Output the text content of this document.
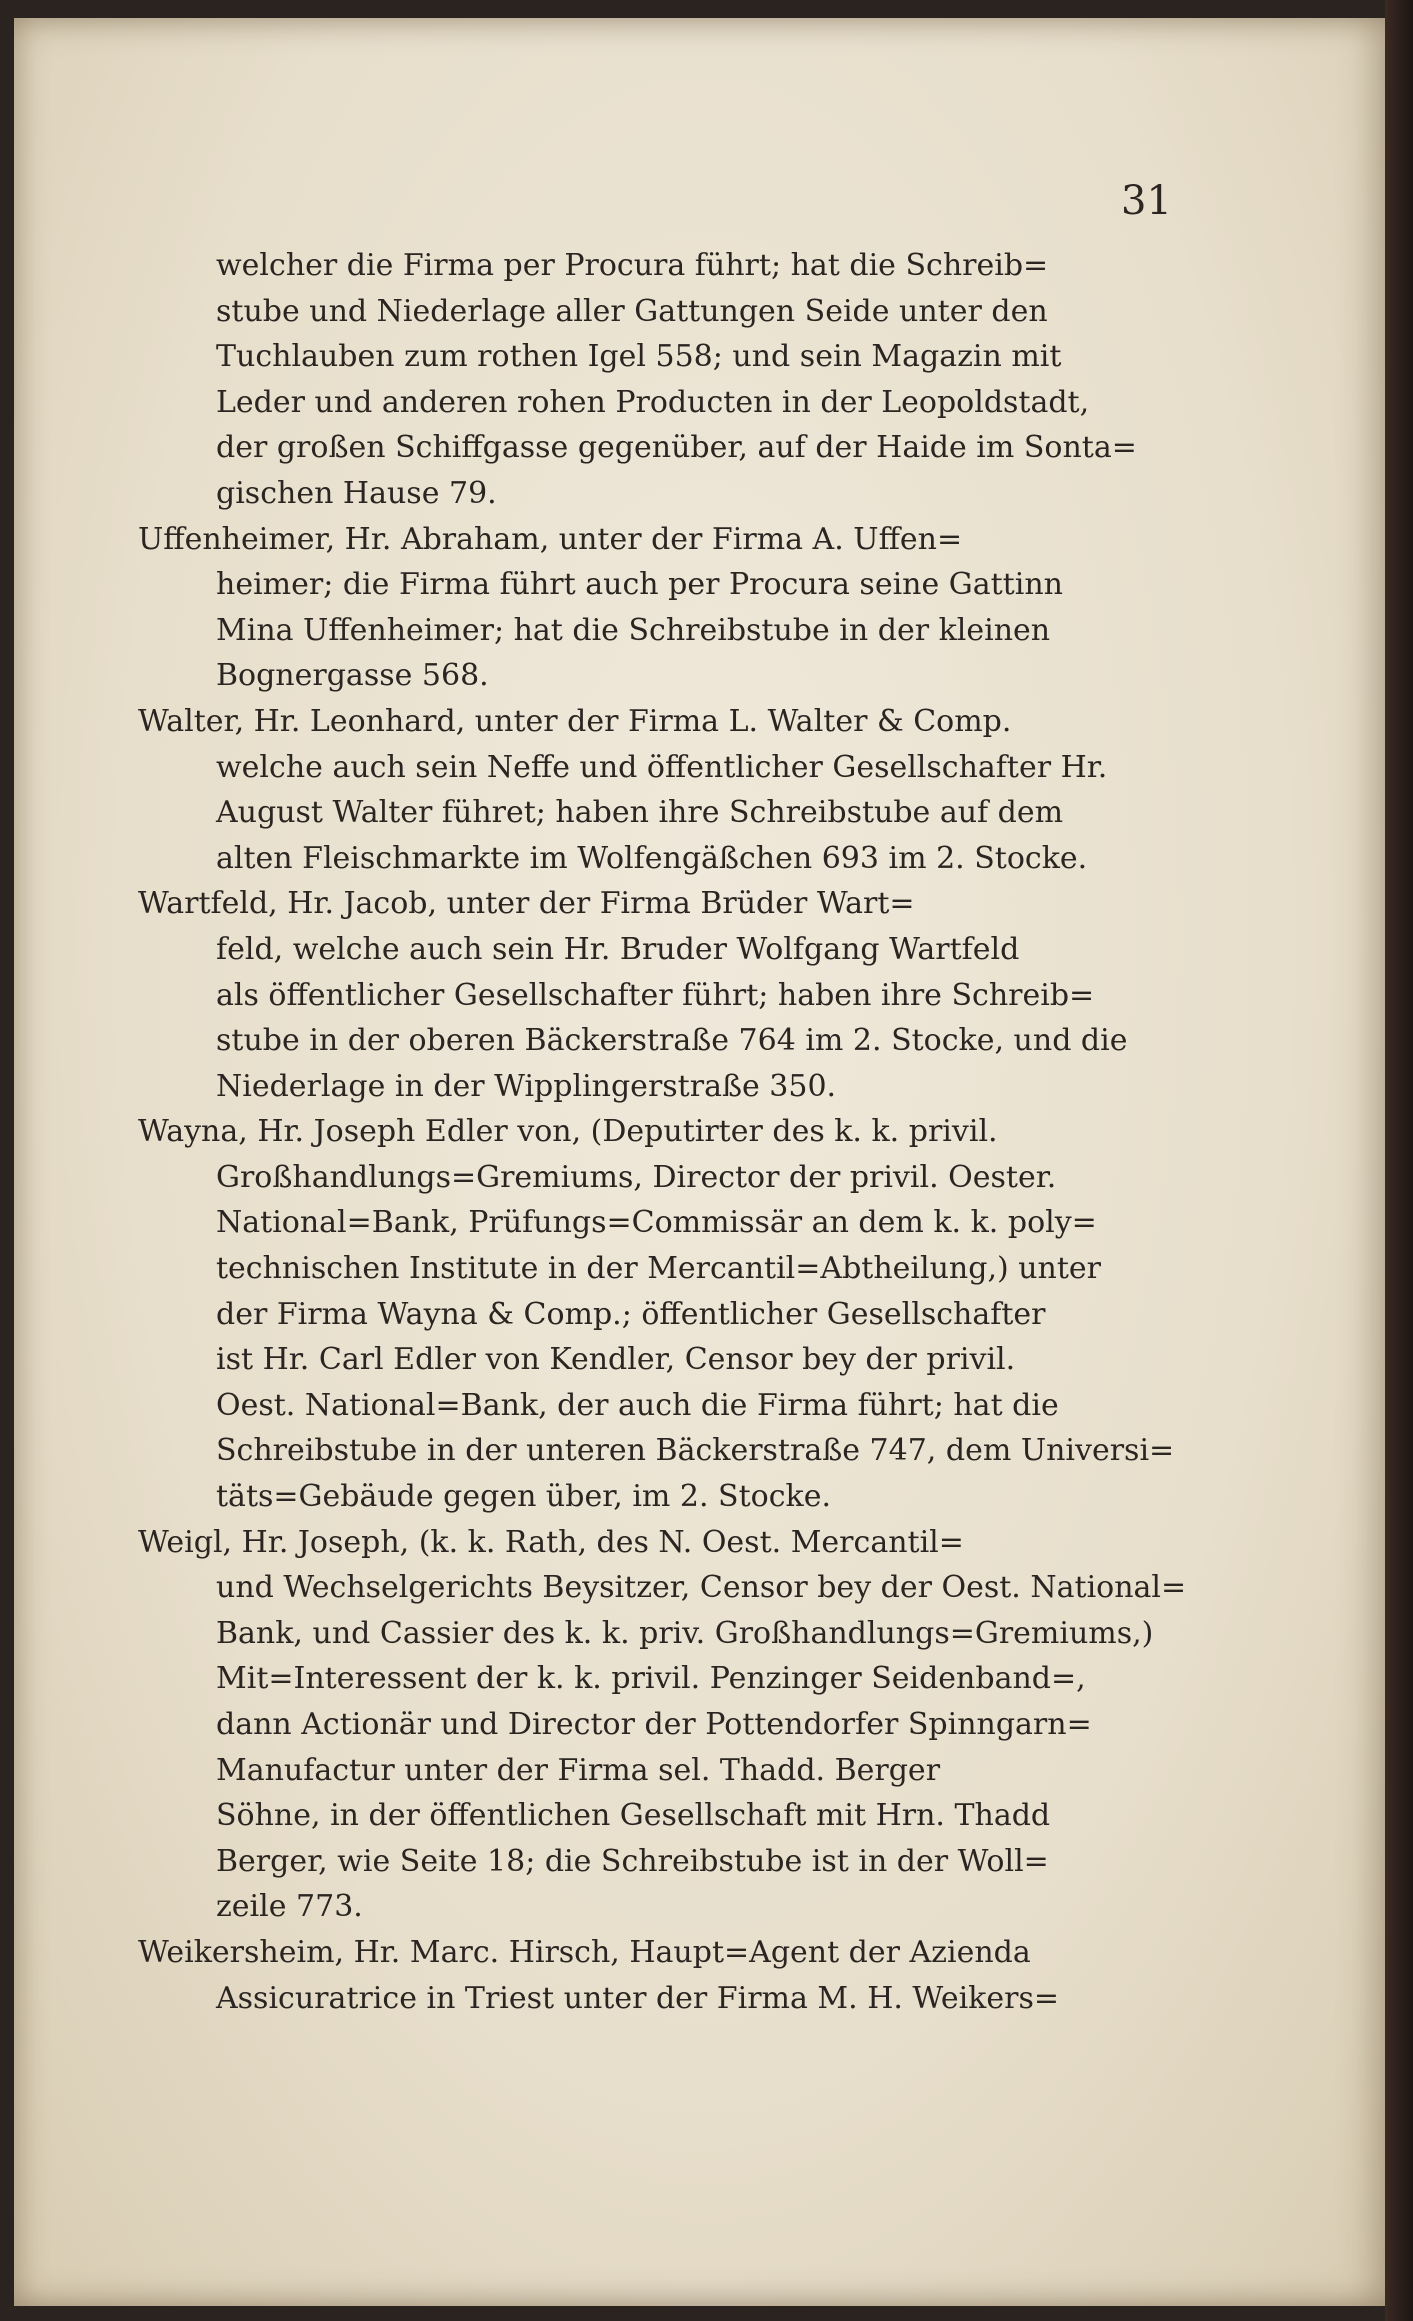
31
welcher die Firma per Procura führt; hat die Schreib=
stube und Niederlage aller Gattungen Seide unter den
Tuchlauben zum rothen Igel 558; und sein Magazin mit
Leder und anderen rohen Producten in der Leopoldstadt,
der großen Schiffgasse gegenüber, auf der Haide im Sonta=
gischen Hause 79.
Uffenheimer, Hr. Abraham, unter der Firma A. Uffen=
heimer; die Firma führt auch per Procura seine Gattinn
Mina Uffenheimer; hat die Schreibstube in der kleinen
Bognergasse 568.
Walter, Hr. Leonhard, unter der Firma L. Walter & Comp.
welche auch sein Neffe und öffentlicher Gesellschafter Hr.
August Walter führet; haben ihre Schreibstube auf dem
alten Fleischmarkte im Wolfengäßchen 693 im 2. Stocke.
Wartfeld, Hr. Jacob, unter der Firma Brüder Wart=
feld, welche auch sein Hr. Bruder Wolfgang Wartfeld
als öffentlicher Gesellschafter führt; haben ihre Schreib=
stube in der oberen Bäckerstraße 764 im 2. Stocke, und die
Niederlage in der Wipplingerstraße 350.
Wayna, Hr. Joseph Edler von, (Deputirter des k. k. privil.
Großhandlungs=Gremiums, Director der privil. Oester.
National=Bank, Prüfungs=Commissär an dem k. k. poly=
technischen Institute in der Mercantil=Abtheilung,) unter
der Firma Wayna & Comp.; öffentlicher Gesellschafter
ist Hr. Carl Edler von Kendler, Censor bey der privil.
Oest. National=Bank, der auch die Firma führt; hat die
Schreibstube in der unteren Bäckerstraße 747, dem Universi=
täts=Gebäude gegen über, im 2. Stocke.
Weigl, Hr. Joseph, (k. k. Rath, des N. Oest. Mercantil=
und Wechselgerichts Beysitzer, Censor bey der Oest. National=
Bank, und Cassier des k. k. priv. Großhandlungs=Gremiums,)
Mit=Interessent der k. k. privil. Penzinger Seidenband=,
dann Actionär und Director der Pottendorfer Spinngarn=
Manufactur unter der Firma sel. Thadd. Berger
Söhne, in der öffentlichen Gesellschaft mit Hrn. Thadd
Berger, wie Seite 18; die Schreibstube ist in der Woll=
zeile 773.
Weikersheim, Hr. Marc. Hirsch, Haupt=Agent der Azienda
Assicuratrice in Triest unter der Firma M. H. Weikers=
